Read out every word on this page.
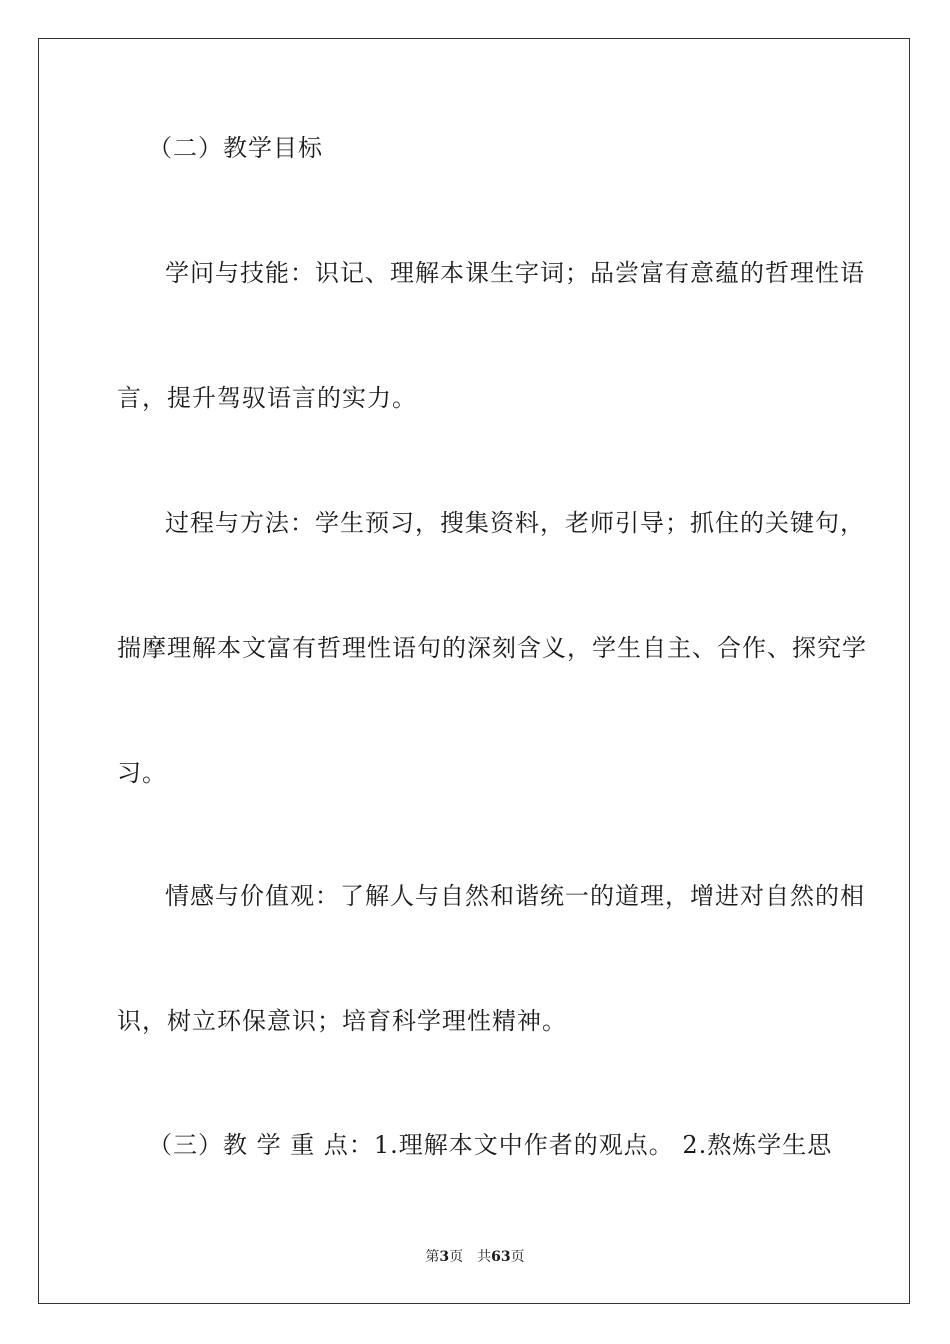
（二）教学目标
学问与技能：识记、理解本课生字词；品尝富有意蕴的哲理性语
言，提升驾驭语言的实力。
过程与方法：学生预习，搜集资料，老师引导；抓住的关键句，
揣摩理解本文富有哲理性语句的深刻含义，学生自主、合作、探究学
习。
情感与价值观：了解人与自然和谐统一的道理，增进对自然的相
识，树立环保意识；培育科学理性精神。
（三）教 学 重 点：1.理解本文中作者的观点。 2.熬炼学生思
第3页　共63页
